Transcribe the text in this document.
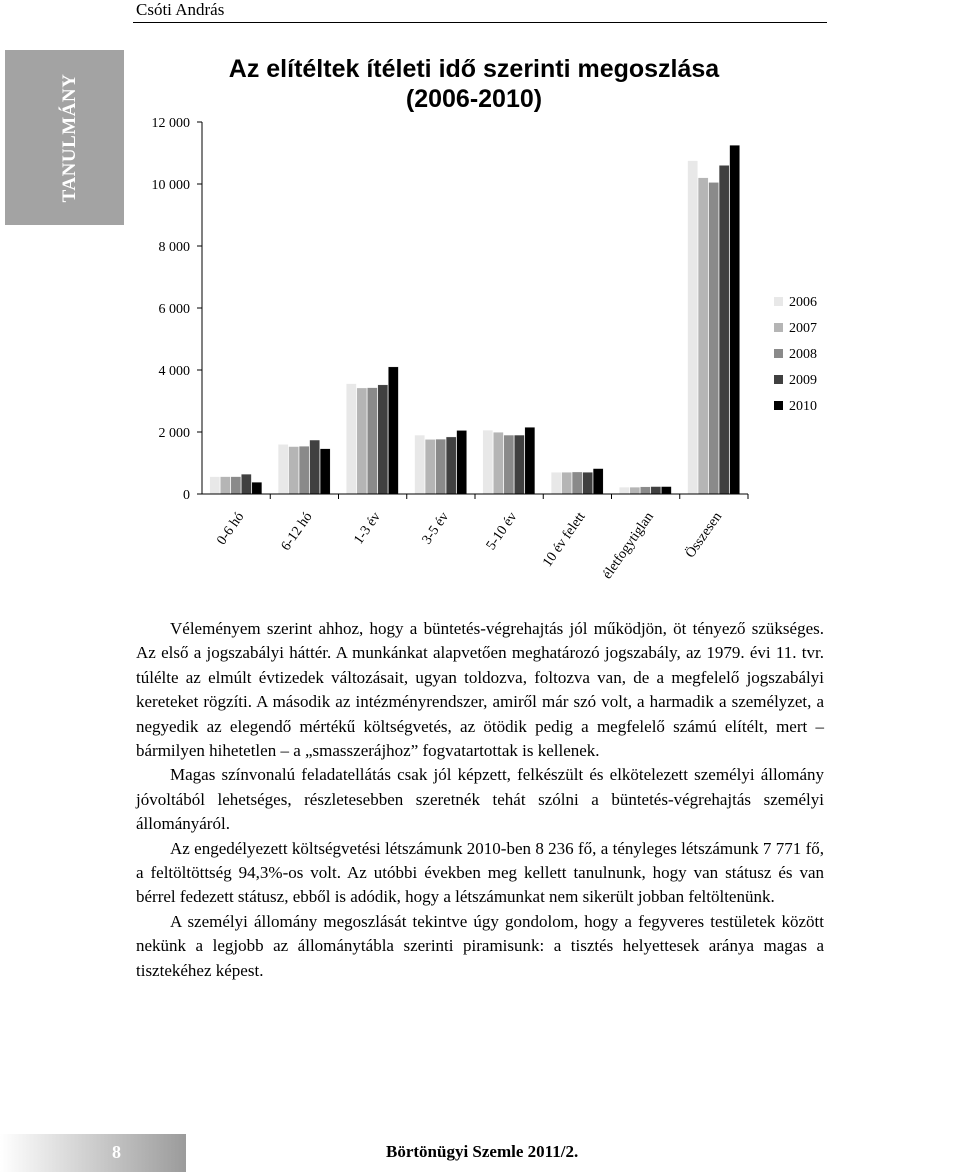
Csóti András
TANULMÁNY
Az elítéltek ítéleti idő szerinti megoszlása
(2006-2010)
0
2 000
4 000
6 000
8 000
10 000
12 000
0-6 hó 6-12 hó	1-3 év	3-5 év 5-10 év 10 év felett életfogytiglan Összesen
2006
2007
2008
2009
2010

Véleményem szerint ahhoz, hogy a büntetés-végrehajtás jól működjön, öt tényező szükséges. Az első a jogszabályi háttér. A munkánkat alapvetően meghatározó jogszabály, az 1979. évi 11. tvr. túlélte az elmúlt évtizedek változásait, ugyan toldozva, foltozva van, de a megfelelő jogszabályi kereteket rögzíti. A második az intézményrendszer, amiről már szó volt, a harmadik a személyzet, a negyedik az elegendő mértékű költségvetés, az ötödik pedig a megfelelő számú elítélt, mert – bármilyen hihetetlen – a „smasszerájhoz” fogvatartottak is kellenek.

Magas színvonalú feladatellátás csak jól képzett, felkészült és elkötelezett személyi állomány jóvoltából lehetséges, részletesebben szeretnék tehát szólni a büntetés-végrehajtás személyi állományáról.

Az engedélyezett költségvetési létszámunk 2010-ben 8 236 fő, a tényleges létszámunk 7 771 fő, a feltöltöttség 94,3%-os volt. Az utóbbi években meg kellett tanulnunk, hogy van státusz és van bérrel fedezett státusz, ebből is adódik, hogy a létszámunkat nem sikerült jobban feltöltenünk.

A személyi állomány megoszlását tekintve úgy gondolom, hogy a fegyveres testületek között nekünk a legjobb az állománytábla szerinti piramisunk: a tisztés helyettesek aránya magas a tisztekéhez képest.

8	Börtönügyi Szemle 2011/2.
